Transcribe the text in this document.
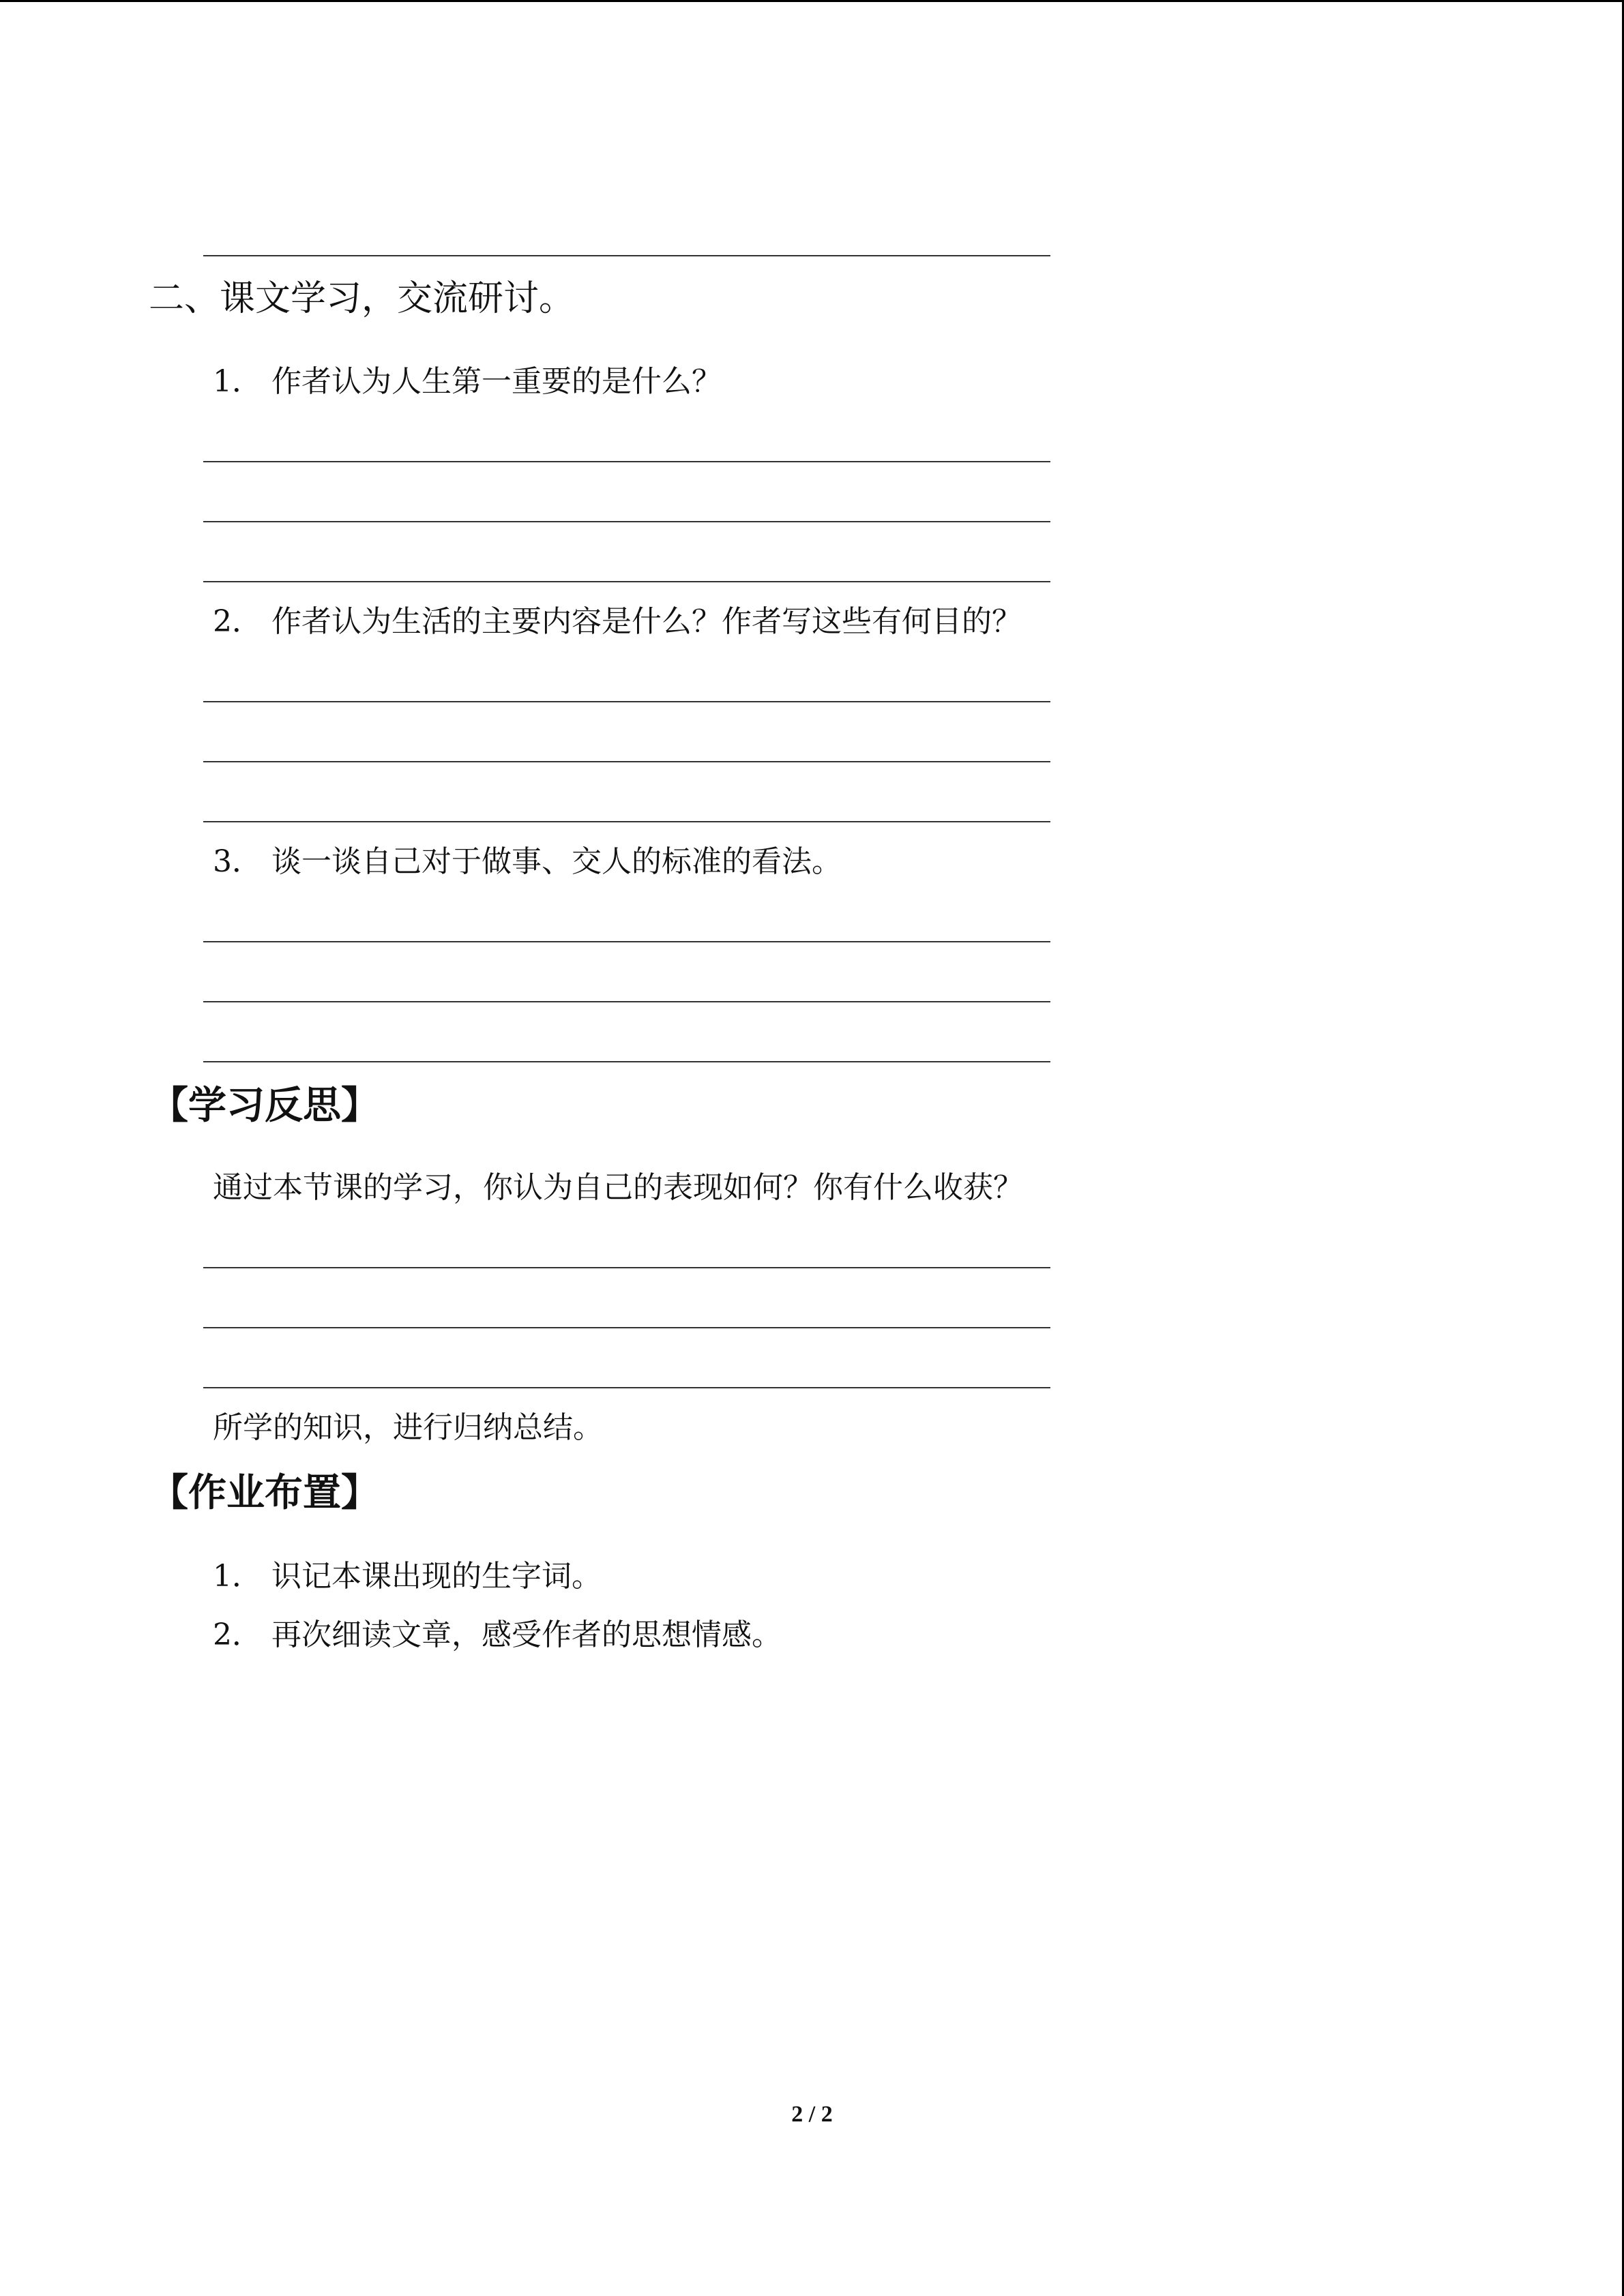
二、课文学习，交流研讨。
1． 作者认为人生第一重要的是什么？
2． 作者认为生活的主要内容是什么？作者写这些有何目的？
3． 谈一谈自己对于做事、交人的标准的看法。
【学习反思】
通过本节课的学习，你认为自己的表现如何？你有什么收获？
所学的知识，进行归纳总结。
【作业布置】
1． 识记本课出现的生字词。
2． 再次细读文章，感受作者的思想情感。
2 / 2
